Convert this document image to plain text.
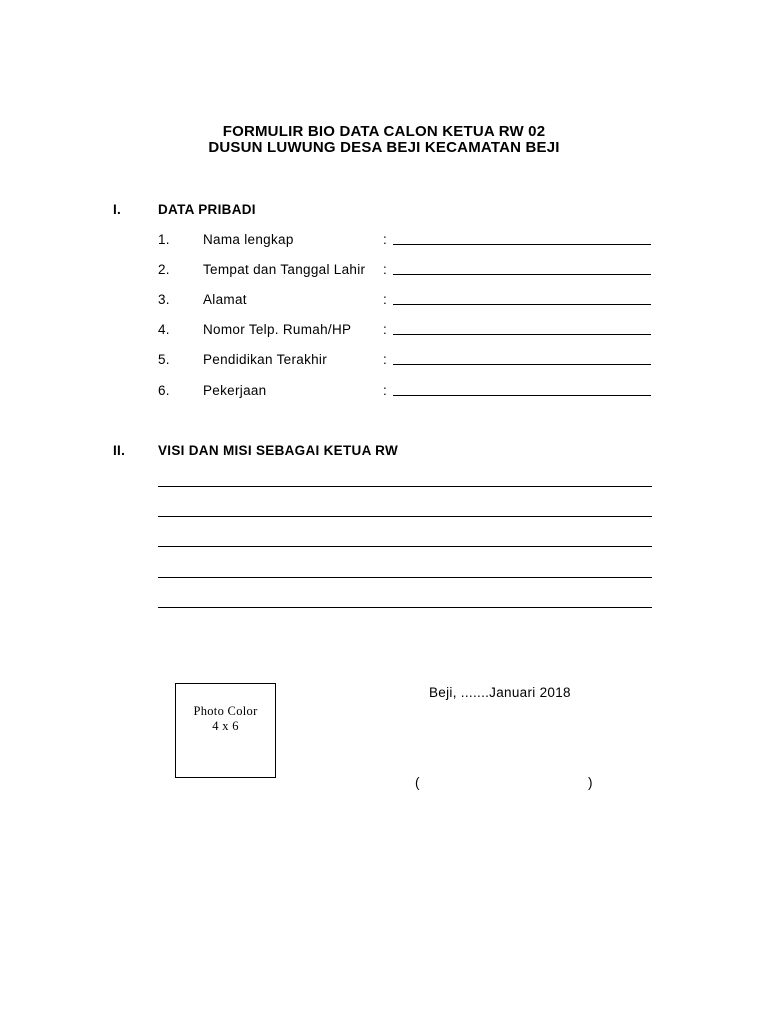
FORMULIR BIO DATA CALON KETUA RW 02
DUSUN LUWUNG DESA BEJI KECAMATAN BEJI
I.	DATA PRIBADI
1. Nama lengkap	:
2. Tempat dan Tanggal Lahir :
3. Alamat	:
4. Nomor Telp. Rumah/HP :
5. Pendidikan Terakhir	:
6. Pekerjaan	:
II. VISI DAN MISI SEBAGAI KETUA RW
Photo Color
4 x 6
Beji, .......Januari 2018
(	)
